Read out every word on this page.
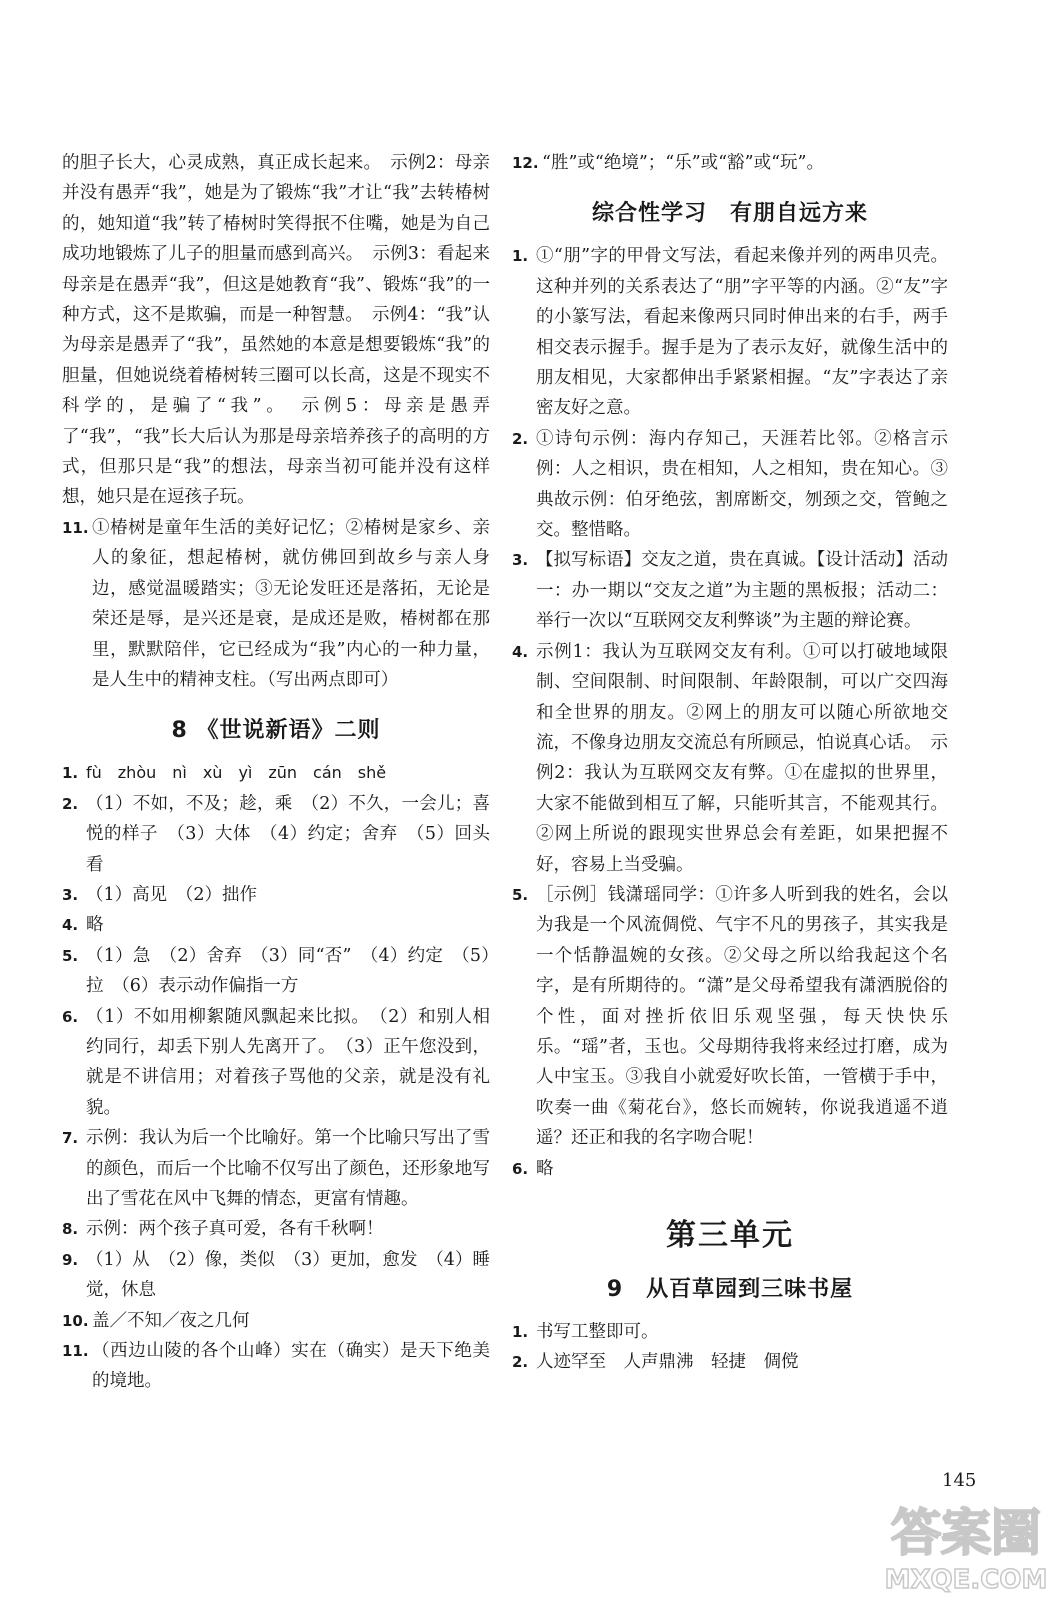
的胆子长大，心灵成熟，真正成长起来。　示例2：母亲并没有愚弄“我”，她是为了锻炼“我”才让“我”去转椿树的，她知道“我”转了椿树时笑得抿不住嘴，她是为自己成功地锻炼了儿子的胆量而感到高兴。　示例3：看起来母亲是在愚弄“我”，但这是她教育“我”、锻炼“我”的一种方式，这不是欺骗，而是一种智慧。　示例4：“我”认为母亲是愚弄了“我”，虽然她的本意是想要锻炼“我”的胆量，但她说绕着椿树转三圈可以长高，这是不现实不科学的，是骗了“我”。　示例5：母亲是愚弄了“我”，“我”长大后认为那是母亲培养孩子的高明的方式，但那只是“我”的想法，母亲当初可能并没有这样想，她只是在逗孩子玩。

11. ①椿树是童年生活的美好记忆；②椿树是家乡、亲人的象征，想起椿树，就仿佛回到故乡与亲人身边，感觉温暖踏实；③无论发旺还是落拓，无论是荣还是辱，是兴还是衰，是成还是败，椿树都在那里，默默陪伴，它已经成为“我”内心的一种力量，是人生中的精神支柱。（写出两点即可）
8 《世说新语》二则
1. fù　zhòu　nì　xù　yì　zūn　cán　shě
2. （1）不如，不及；趁，乘　（2）不久，一会儿；喜悦的样子　（3）大体　（4）约定；舍弃　（5）回头看
3. （1）高见　（2）拙作
4. 略
5. （1）急　（2）舍弃　（3）同“否”　（4）约定　（5）拉　（6）表示动作偏指一方
6. （1）不如用柳絮随风飘起来比拟。　（2）和别人相约同行，却丢下别人先离开了。　（3）正午您没到，就是不讲信用；对着孩子骂他的父亲，就是没有礼貌。
7. 示例：我认为后一个比喻好。第一个比喻只写出了雪的颜色，而后一个比喻不仅写出了颜色，还形象地写出了雪花在风中飞舞的情态，更富有情趣。
8. 示例：两个孩子真可爱，各有千秋啊！
9. （1）从　（2）像，类似　（3）更加，愈发　（4）睡觉，休息
10. 盖／不知／夜之几何
11. （西边山陵的各个山峰）实在（确实）是天下绝美的境地。
12. “胜”或“绝境”；“乐”或“豁”或“玩”。
综合性学习　有朋自远方来
1. ①“朋”字的甲骨文写法，看起来像并列的两串贝壳。这种并列的关系表达了“朋”字平等的内涵。②“友”字的小篆写法，看起来像两只同时伸出来的右手，两手相交表示握手。握手是为了表示友好，就像生活中的朋友相见，大家都伸出手紧紧相握。“友”字表达了亲密友好之意。
2. ①诗句示例：海内存知己，天涯若比邻。②格言示例：人之相识，贵在相知，人之相知，贵在知心。③典故示例：伯牙绝弦，割席断交，刎颈之交，管鲍之交。整惜略。
3. 【拟写标语】交友之道，贵在真诚。【设计活动】活动一：办一期以“交友之道”为主题的黑板报；活动二：举行一次以“互联网交友利弊谈”为主题的辩论赛。
4. 示例1：我认为互联网交友有利。①可以打破地域限制、空间限制、时间限制、年龄限制，可以广交四海和全世界的朋友。②网上的朋友可以随心所欲地交流，不像身边朋友交流总有所顾忌，怕说真心话。　示例2：我认为互联网交友有弊。①在虚拟的世界里，大家不能做到相互了解，只能听其言，不能观其行。②网上所说的跟现实世界总会有差距，如果把握不好，容易上当受骗。
5. ［示例］钱潇瑶同学：①许多人听到我的姓名，会以为我是一个风流倜傥、气宇不凡的男孩子，其实我是一个恬静温婉的女孩。②父母之所以给我起这个名字，是有所期待的。“潇”是父母希望我有潇洒脱俗的个性，面对挫折依旧乐观坚强，每天快快乐乐。“瑶”者，玉也。父母期待我将来经过打磨，成为人中宝玉。③我自小就爱好吹长笛，一管横于手中，吹奏一曲《菊花台》，悠长而婉转，你说我逍遥不逍遥？还正和我的名字吻合呢！
6. 略
第三单元
9　从百草园到三味书屋
1. 书写工整即可。
2. 人迹罕至　人声鼎沸　轻捷　倜傥
145
答案圈
MXQE.COM
